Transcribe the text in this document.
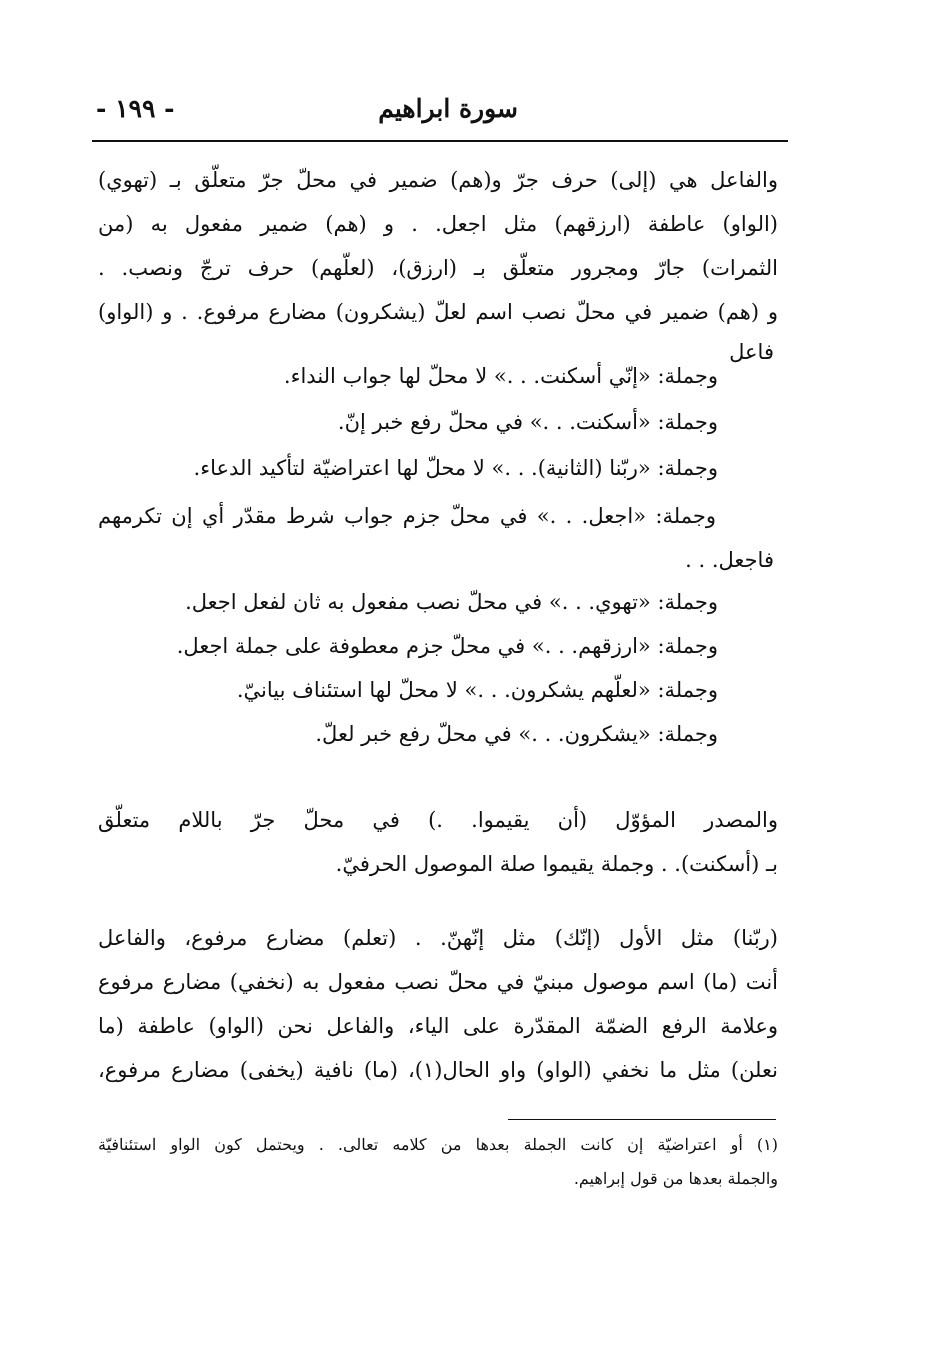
سورة ابراهيم
- ١٩٩ -
والفاعل هي (إلى) حرف جرّ و(هم) ضمير في محلّ جرّ متعلّق بـ (تهوي)
(الواو) عاطفة (ارزقهم) مثل اجعل. . و (هم) ضمير مفعول به (من
الثمرات) جارّ ومجرور متعلّق بـ (ارزق)، (لعلّهم) حرف ترجّ ونصب. .
و (هم) ضمير في محلّ نصب اسم لعلّ (يشكرون) مضارع مرفوع. . و (الواو)
فاعل
وجملة: «إنّي أسكنت. . .» لا محلّ لها جواب النداء.
وجملة: «أسكنت. . .» في محلّ رفع خبر إنّ.
وجملة: «ربّنا (الثانية). . .» لا محلّ لها اعتراضيّة لتأكيد الدعاء.
وجملة: «اجعل. . .» في محلّ جزم جواب شرط مقدّر أي إن تكرمهم
فاجعل. . .
وجملة: «تهوي. . .» في محلّ نصب مفعول به ثان لفعل اجعل.
وجملة: «ارزقهم. . .» في محلّ جزم معطوفة على جملة اجعل.
وجملة: «لعلّهم يشكرون. . .» لا محلّ لها استئناف بيانيّ.
وجملة: «يشكرون. . .» في محلّ رفع خبر لعلّ.
والمصدر المؤوّل (أن يقيموا. .) في محلّ جرّ باللام متعلّق
بـ (أسكنت). . وجملة يقيموا صلة الموصول الحرفيّ.
(ربّنا) مثل الأول (إنّك) مثل إنّهنّ. . (تعلم) مضارع مرفوع، والفاعل
أنت (ما) اسم موصول مبنيّ في محلّ نصب مفعول به (نخفي) مضارع مرفوع
وعلامة الرفع الضمّة المقدّرة على الياء، والفاعل نحن (الواو) عاطفة (ما
نعلن) مثل ما نخفي (الواو) واو الحال(١)، (ما) نافية (يخفى) مضارع مرفوع،
(١) أو اعتراضيّة إن كانت الجملة بعدها من كلامه تعالى. . ويحتمل كون الواو استئنافيّة
والجملة بعدها من قول إبراهيم.
